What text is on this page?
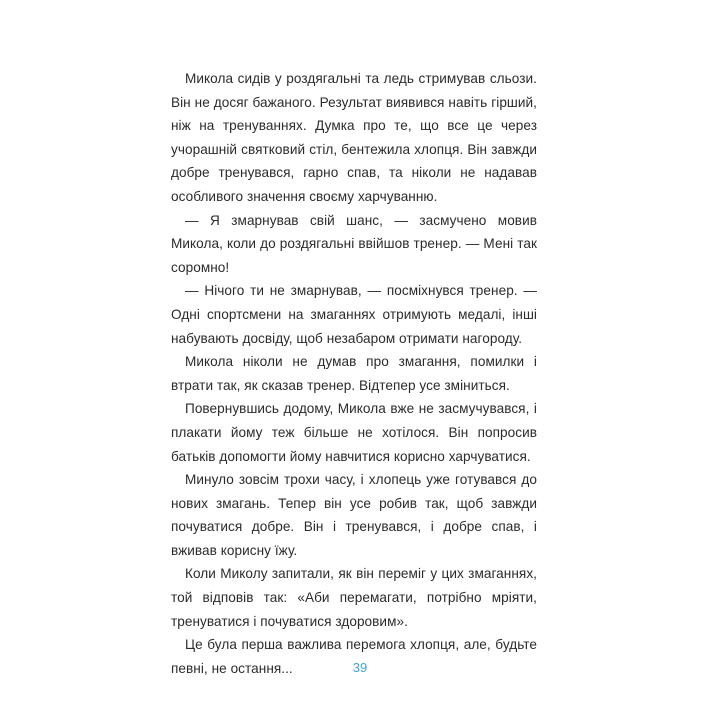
Микола сидів у роздягальні та ледь стримував сльози. Він не досяг бажаного. Результат виявився навіть гірший, ніж на тренуваннях. Думка про те, що все це через учорашній святковий стіл, бентежила хлопця. Він завжди добре тренувався, гарно спав, та ніколи не надавав особливого значення своєму харчуванню.

— Я змарнував свій шанс, — засмучено мовив Микола, коли до роздягальні ввійшов тренер. — Мені так соромно!

— Нічого ти не змарнував, — посміхнувся тренер. — Одні спортсмени на змаганнях отримують медалі, інші набувають досвіду, щоб незабаром отримати нагороду.

Микола ніколи не думав про змагання, помилки і втрати так, як сказав тренер. Відтепер усе зміниться.

Повернувшись додому, Микола вже не засмучувався, і плакати йому теж більше не хотілося. Він попросив батьків допомогти йому навчитися корисно харчуватися.

Минуло зовсім трохи часу, і хлопець уже готувався до нових змагань. Тепер він усе робив так, щоб завжди почуватися добре. Він і тренувався, і добре спав, і вживав корисну їжу.

Коли Миколу запитали, як він переміг у цих змаганнях, той відповів так: «Аби перемагати, потрібно мріяти, тренуватися і почуватися здоровим».

Це була перша важлива перемога хлопця, але, будьте певні, не остання...	39
